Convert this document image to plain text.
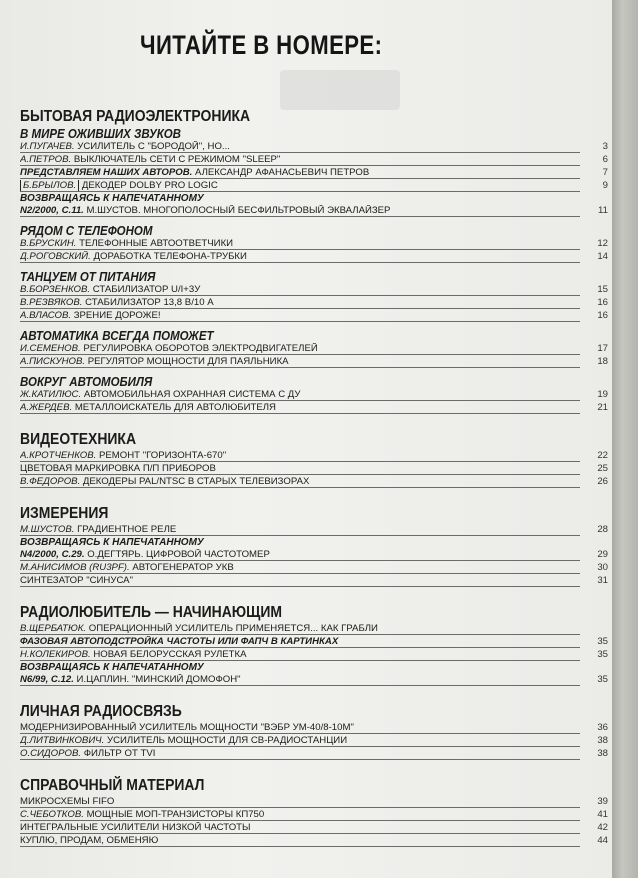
ЧИТАЙТЕ В НОМЕРЕ:
БЫТОВАЯ РАДИОЭЛЕКТРОНИКА
В МИРЕ ОЖИВШИХ ЗВУКОВ
И.ПУГАЧЕВ. УСИЛИТЕЛЬ С "БОРОДОЙ", НО...	3
А.ПЕТРОВ. ВЫКЛЮЧАТЕЛЬ СЕТИ С РЕЖИМОМ "SLEEP"	6
ПРЕДСТАВЛЯЕМ НАШИХ АВТОРОВ. АЛЕКСАНДР АФАНАСЬЕВИЧ ПЕТРОВ	7
Б.БРЫЛОВ. ДЕКОДЕР DOLBY PRO LOGIC	9
ВОЗВРАЩАЯСЬ К НАПЕЧАТАННОМУ
N2/2000, С.11. М.ШУСТОВ. МНОГОПОЛОСНЫЙ БЕСФИЛЬТРОВЫЙ ЭКВАЛАЙЗЕР	11
РЯДОМ С ТЕЛЕФОНОМ
В.БРУСКИН. ТЕЛЕФОННЫЕ АВТООТВЕТЧИКИ	12
Д.РОГОВСКИЙ. ДОРАБОТКА ТЕЛЕФОНА-ТРУБКИ	14
ТАНЦУЕМ ОТ ПИТАНИЯ
В.БОРЗЕНКОВ. СТАБИЛИЗАТОР U/I+3У	15
В.РЕЗВЯКОВ. СТАБИЛИЗАТОР 13,8 В/10 А	16
А.ВЛАСОВ. ЗРЕНИЕ ДОРОЖЕ!	16
АВТОМАТИКА ВСЕГДА ПОМОЖЕТ
И.СЕМЕНОВ. РЕГУЛИРОВКА ОБОРОТОВ ЭЛЕКТРОДВИГАТЕЛЕЙ	17
А.ПИСКУНОВ. РЕГУЛЯТОР МОЩНОСТИ ДЛЯ ПАЯЛЬНИКА	18
ВОКРУГ АВТОМОБИЛЯ
Ж.КАТИЛЮС. АВТОМОБИЛЬНАЯ ОХРАННАЯ СИСТЕМА С ДУ	19
А.ЖЕРДЕВ. МЕТАЛЛОИСКАТЕЛЬ ДЛЯ АВТОЛЮБИТЕЛЯ	21
ВИДЕОТЕХНИКА
А.КРОТЧЕНКОВ. РЕМОНТ "ГОРИЗОНТА-670"	22
ЦВЕТОВАЯ МАРКИРОВКА П/П ПРИБОРОВ	25
В.ФЕДОРОВ. ДЕКОДЕРЫ PAL/NTSC В СТАРЫХ ТЕЛЕВИЗОРАХ	26
ИЗМЕРЕНИЯ
М.ШУСТОВ. ГРАДИЕНТНОЕ РЕЛЕ	28
ВОЗВРАЩАЯСЬ К НАПЕЧАТАННОМУ
N4/2000, С.29. О.ДЕГТЯРЬ. ЦИФРОВОЙ ЧАСТОТОМЕР	29
М.АНИСИМОВ (RU3PF). АВТОГЕНЕРАТОР УКВ	30
СИНТЕЗАТОР "СИНУСА"	31
РАДИОЛЮБИТЕЛЬ — НАЧИНАЮЩИМ
В.ЩЕРБАТЮК. ОПЕРАЦИОННЫЙ УСИЛИТЕЛЬ ПРИМЕНЯЕТСЯ... КАК ГРАБЛИ
ФАЗОВАЯ АВТОПОДСТРОЙКА ЧАСТОТЫ ИЛИ ФАПЧ В КАРТИНКАХ	35
Н.КОЛЕКИРОВ. НОВАЯ БЕЛОРУССКАЯ РУЛЕТКА	35
ВОЗВРАЩАЯСЬ К НАПЕЧАТАННОМУ
N6/99, С.12. И.ЦАПЛИН. "МИНСКИЙ ДОМОФОН"	35
ЛИЧНАЯ РАДИОСВЯЗЬ
МОДЕРНИЗИРОВАННЫЙ УСИЛИТЕЛЬ МОЩНОСТИ "ВЭБР УМ-40/8-10М"	36
Д.ЛИТВИНКОВИЧ. УСИЛИТЕЛЬ МОЩНОСТИ ДЛЯ СВ-РАДИОСТАНЦИИ	38
О.СИДОРОВ. ФИЛЬТР ОТ TVI	38
СПРАВОЧНЫЙ МАТЕРИАЛ
МИКРОСХЕМЫ FIFO	39
С.ЧЕБОТКОВ. МОЩНЫЕ МОП-ТРАНЗИСТОРЫ КП750	41
ИНТЕГРАЛЬНЫЕ УСИЛИТЕЛИ НИЗКОЙ ЧАСТОТЫ	42
КУПЛЮ, ПРОДАМ, ОБМЕНЯЮ	44
